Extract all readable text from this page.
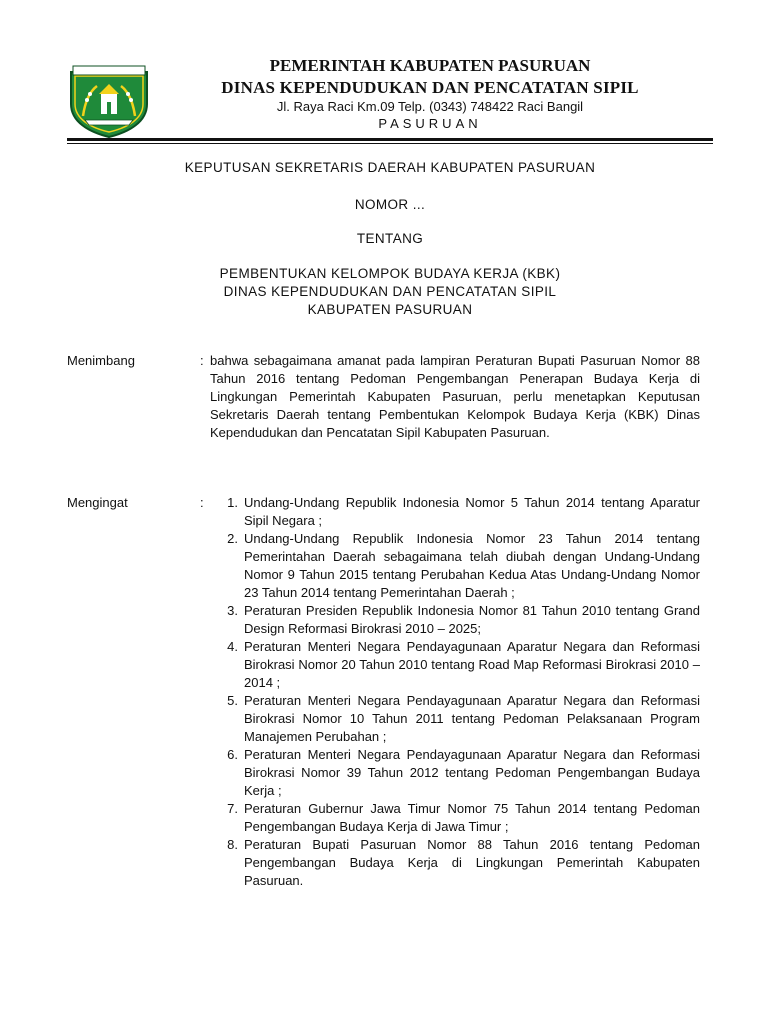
PEMERINTAH KABUPATEN PASURUAN
DINAS KEPENDUDUKAN DAN PENCATATAN SIPIL
Jl. Raya Raci Km.09 Telp. (0343) 748422 Raci Bangil
PASURUAN
KEPUTUSAN SEKRETARIS DAERAH KABUPATEN PASURUAN
NOMOR ...
TENTANG
PEMBENTUKAN KELOMPOK BUDAYA KERJA (KBK)
DINAS KEPENDUDUKAN DAN PENCATATAN SIPIL
KABUPATEN PASURUAN
Menimbang	: bahwa sebagaimana amanat pada lampiran Peraturan Bupati Pasuruan Nomor 88 Tahun 2016 tentang Pedoman Pengembangan Penerapan Budaya Kerja di Lingkungan Pemerintah Kabupaten Pasuruan, perlu menetapkan Keputusan Sekretaris Daerah tentang Pembentukan Kelompok Budaya Kerja (KBK) Dinas Kependudukan dan Pencatatan Sipil Kabupaten Pasuruan.
Mengingat	:	1. Undang-Undang Republik Indonesia Nomor 5 Tahun 2014 tentang Aparatur Sipil Negara ;
2. Undang-Undang Republik Indonesia Nomor 23 Tahun 2014 tentang Pemerintahan Daerah sebagaimana telah diubah dengan Undang-Undang Nomor 9 Tahun 2015 tentang Perubahan Kedua Atas Undang-Undang Nomor 23 Tahun 2014 tentang Pemerintahan Daerah ;
3. Peraturan Presiden Republik Indonesia Nomor 81 Tahun 2010 tentang Grand Design Reformasi Birokrasi 2010 – 2025;
4. Peraturan Menteri Negara Pendayagunaan Aparatur Negara dan Reformasi Birokrasi Nomor 20 Tahun 2010 tentang Road Map Reformasi Birokrasi 2010 – 2014 ;
5. Peraturan Menteri Negara Pendayagunaan Aparatur Negara dan Reformasi Birokrasi Nomor 10 Tahun 2011 tentang Pedoman Pelaksanaan Program Manajemen Perubahan ;
6. Peraturan Menteri Negara Pendayagunaan Aparatur Negara dan Reformasi Birokrasi Nomor 39 Tahun 2012 tentang Pedoman Pengembangan Budaya Kerja ;
7. Peraturan Gubernur Jawa Timur Nomor 75 Tahun 2014 tentang Pedoman Pengembangan Budaya Kerja di Jawa Timur ;
8. Peraturan Bupati Pasuruan Nomor 88 Tahun 2016 tentang Pedoman Pengembangan Budaya Kerja di Lingkungan Pemerintah Kabupaten Pasuruan.
